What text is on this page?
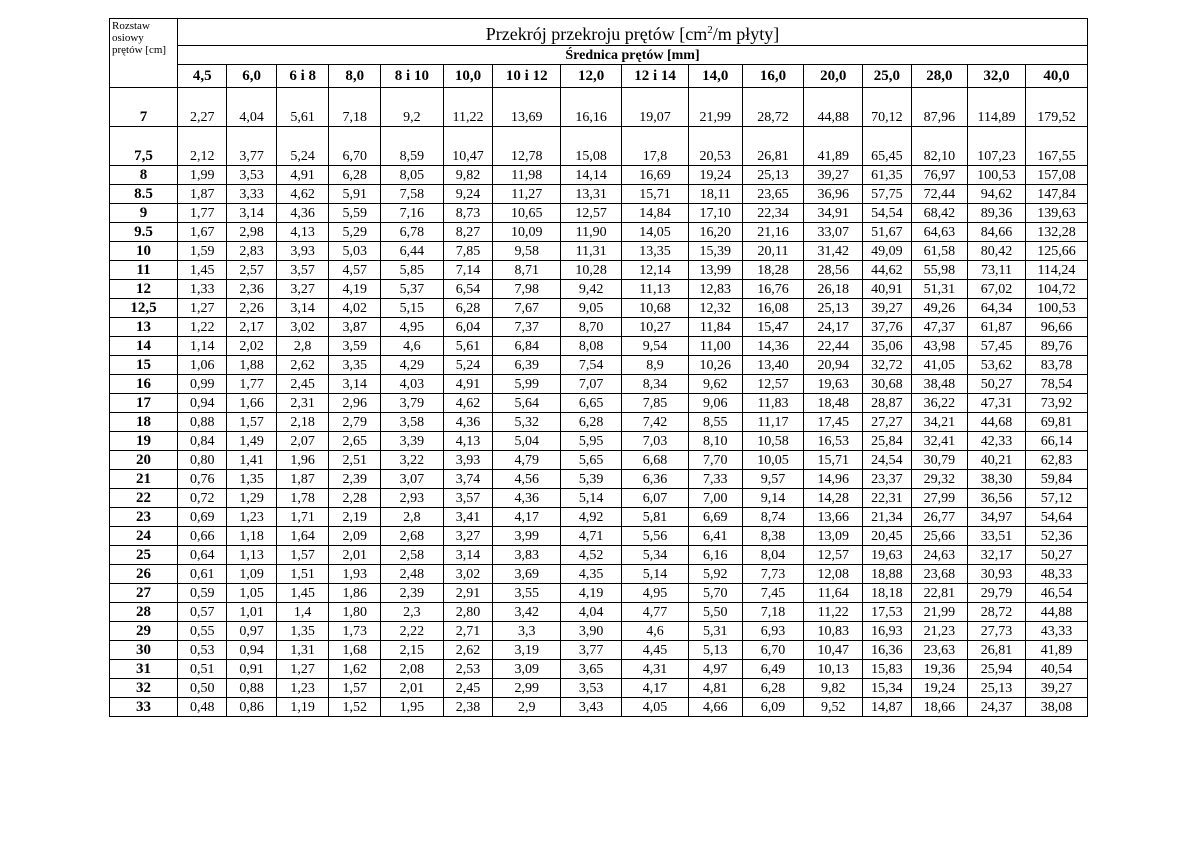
Rozstaw osiowy prętów [cm]	Przekrój przekroju prętów [$cm^2/m$ płyty]															
	Średnica prętów [mm]															
	4,5	6,0	6 i 8	8,0	8 i 10	10,0	10 i 12	12,0	12 i 14	14,0	16,0	20,0	25,0	28,0	32,0	40,0
7	2,27	4,04	5,61	7,18	9,2	11,22	13,69	16,16	19,07	21,99	28,72	44,88	70,12	87,96	114,89	179,52
7,5	2,12	3,77	5,24	6,70	8,59	10,47	12,78	15,08	17,8	20,53	26,81	41,89	65,45	82,10	107,23	167,55
8	1,99	3,53	4,91	6,28	8,05	9,82	11,98	14,14	16,69	19,24	25,13	39,27	61,35	76,97	100,53	157,08
8.5	1,87	3,33	4,62	5,91	7,58	9,24	11,27	13,31	15,71	18,11	23,65	36,96	57,75	72,44	94,62	147,84
9	1,77	3,14	4,36	5,59	7,16	8,73	10,65	12,57	14,84	17,10	22,34	34,91	54,54	68,42	89,36	139,63
9.5	1,67	2,98	4,13	5,29	6,78	8,27	10,09	11,90	14,05	16,20	21,16	33,07	51,67	64,63	84,66	132,28
10	1,59	2,83	3,93	5,03	6,44	7,85	9,58	11,31	13,35	15,39	20,11	31,42	49,09	61,58	80,42	125,66
11	1,45	2,57	3,57	4,57	5,85	7,14	8,71	10,28	12,14	13,99	18,28	28,56	44,62	55,98	73,11	114,24
12	1,33	2,36	3,27	4,19	5,37	6,54	7,98	9,42	11,13	12,83	16,76	26,18	40,91	51,31	67,02	104,72
12,5	1,27	2,26	3,14	4,02	5,15	6,28	7,67	9,05	10,68	12,32	16,08	25,13	39,27	49,26	64,34	100,53
13	1,22	2,17	3,02	3,87	4,95	6,04	7,37	8,70	10,27	11,84	15,47	24,17	37,76	47,37	61,87	96,66
14	1,14	2,02	2,8	3,59	4,6	5,61	6,84	8,08	9,54	11,00	14,36	22,44	35,06	43,98	57,45	89,76
15	1,06	1,88	2,62	3,35	4,29	5,24	6,39	7,54	8,9	10,26	13,40	20,94	32,72	41,05	53,62	83,78
16	0,99	1,77	2,45	3,14	4,03	4,91	5,99	7,07	8,34	9,62	12,57	19,63	30,68	38,48	50,27	78,54
17	0,94	1,66	2,31	2,96	3,79	4,62	5,64	6,65	7,85	9,06	11,83	18,48	28,87	36,22	47,31	73,92
18	0,88	1,57	2,18	2,79	3,58	4,36	5,32	6,28	7,42	8,55	11,17	17,45	27,27	34,21	44,68	69,81
19	0,84	1,49	2,07	2,65	3,39	4,13	5,04	5,95	7,03	8,10	10,58	16,53	25,84	32,41	42,33	66,14
20	0,80	1,41	1,96	2,51	3,22	3,93	4,79	5,65	6,68	7,70	10,05	15,71	24,54	30,79	40,21	62,83
21	0,76	1,35	1,87	2,39	3,07	3,74	4,56	5,39	6,36	7,33	9,57	14,96	23,37	29,32	38,30	59,84
22	0,72	1,29	1,78	2,28	2,93	3,57	4,36	5,14	6,07	7,00	9,14	14,28	22,31	27,99	36,56	57,12
23	0,69	1,23	1,71	2,19	2,8	3,41	4,17	4,92	5,81	6,69	8,74	13,66	21,34	26,77	34,97	54,64
24	0,66	1,18	1,64	2,09	2,68	3,27	3,99	4,71	5,56	6,41	8,38	13,09	20,45	25,66	33,51	52,36
25	0,64	1,13	1,57	2,01	2,58	3,14	3,83	4,52	5,34	6,16	8,04	12,57	19,63	24,63	32,17	50,27
26	0,61	1,09	1,51	1,93	2,48	3,02	3,69	4,35	5,14	5,92	7,73	12,08	18,88	23,68	30,93	48,33
27	0,59	1,05	1,45	1,86	2,39	2,91	3,55	4,19	4,95	5,70	7,45	11,64	18,18	22,81	29,79	46,54
28	0,57	1,01	1,4	1,80	2,3	2,80	3,42	4,04	4,77	5,50	7,18	11,22	17,53	21,99	28,72	44,88
29	0,55	0,97	1,35	1,73	2,22	2,71	3,3	3,90	4,6	5,31	6,93	10,83	16,93	21,23	27,73	43,33
30	0,53	0,94	1,31	1,68	2,15	2,62	3,19	3,77	4,45	5,13	6,70	10,47	16,36	23,63	26,81	41,89
31	0,51	0,91	1,27	1,62	2,08	2,53	3,09	3,65	4,31	4,97	6,49	10,13	15,83	19,36	25,94	40,54
32	0,50	0,88	1,23	1,57	2,01	2,45	2,99	3,53	4,17	4,81	6,28	9,82	15,34	19,24	25,13	39,27
33	0,48	0,86	1,19	1,52	1,95	2,38	2,9	3,43	4,05	4,66	6,09	9,52	14,87	18,66	24,37	38,08
